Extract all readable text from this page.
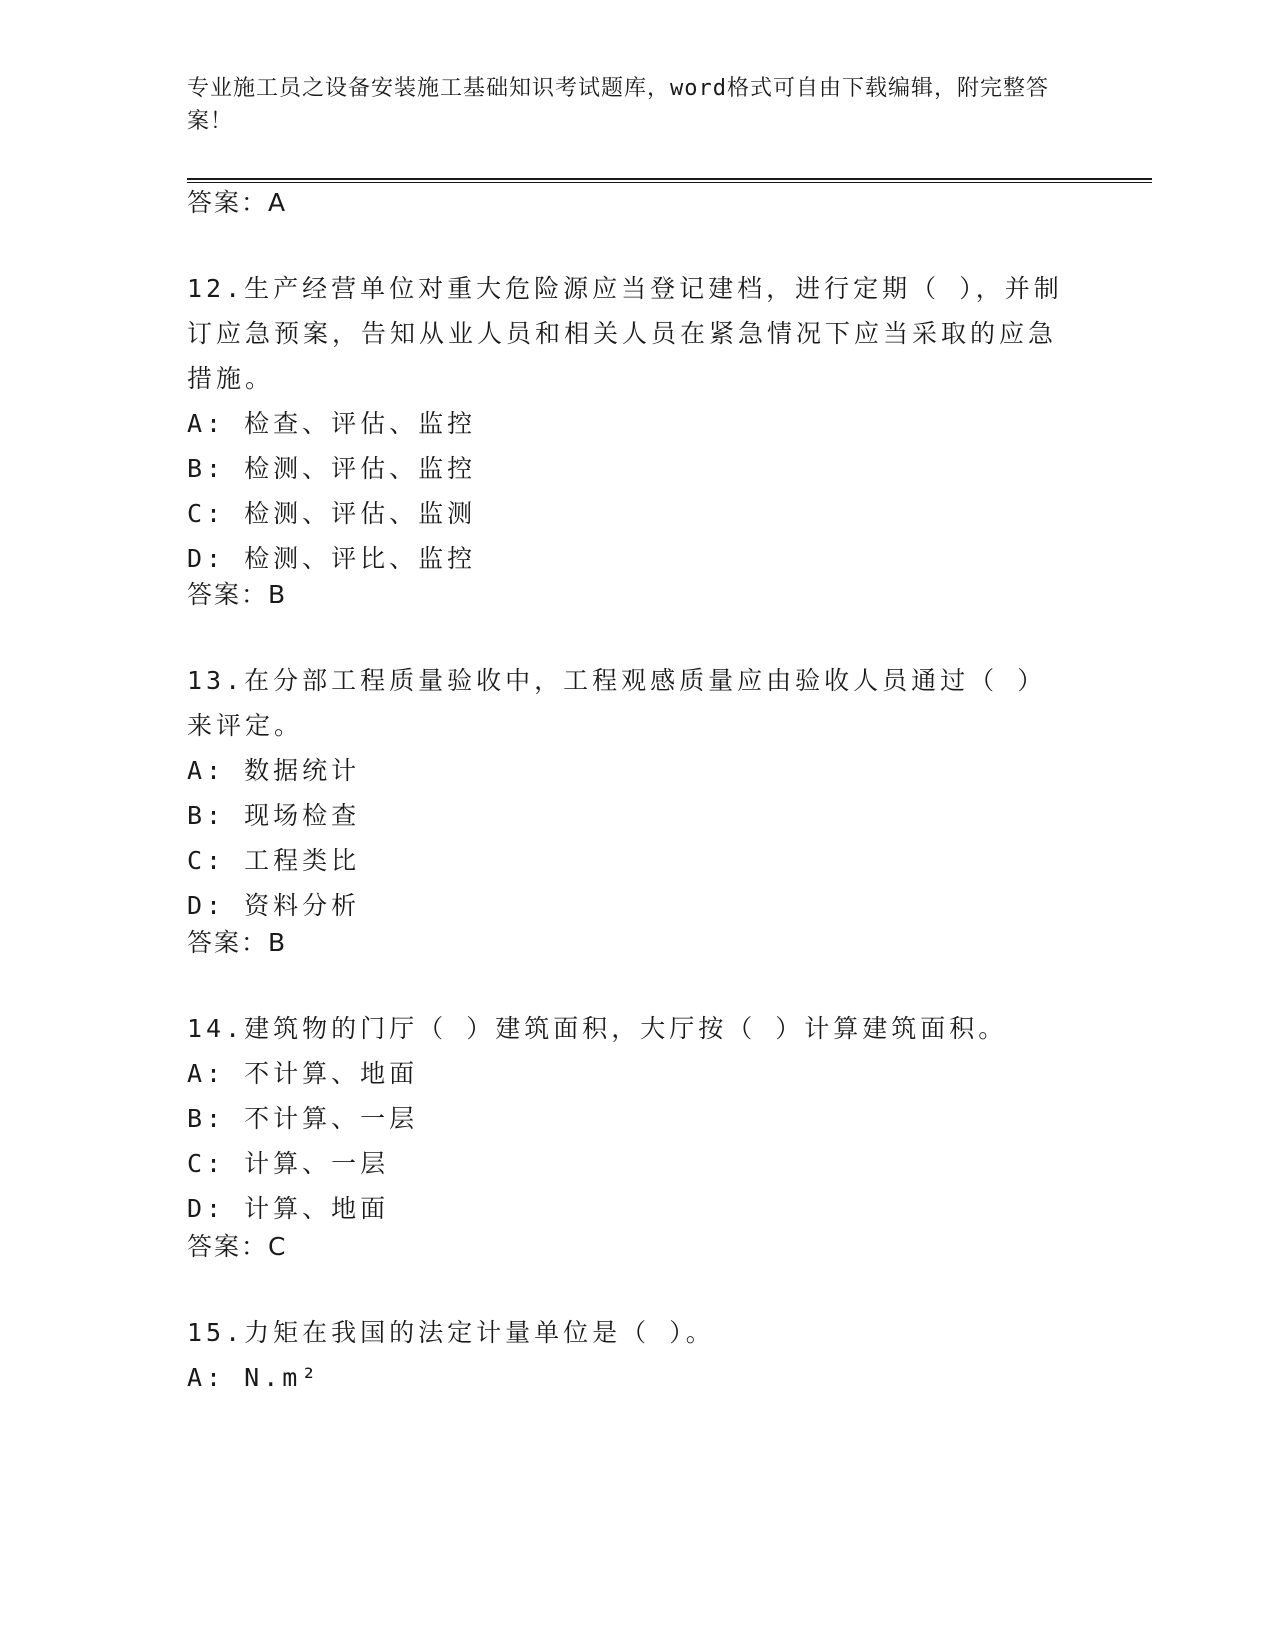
专业施工员之设备安装施工基础知识考试题库，word格式可自由下载编辑，附完整答案！
答案：A

12.生产经营单位对重大危险源应当登记建档，进行定期（ ），并制订应急预案，告知从业人员和相关人员在紧急情况下应当采取的应急措施。

A: 检查、评估、监控

B: 检测、评估、监控

C: 检测、评估、监测

D: 检测、评比、监控

答案：B

13.在分部工程质量验收中，工程观感质量应由验收人员通过（ ）来评定。

A: 数据统计

B: 现场检查

C: 工程类比

D: 资料分析

答案：B

14.建筑物的门厅（ ）建筑面积，大厅按（ ）计算建筑面积。

A: 不计算、地面

B: 不计算、一层

C: 计算、一层

D: 计算、地面

答案：C

15.力矩在我国的法定计量单位是（ ）。

A: N.m²
